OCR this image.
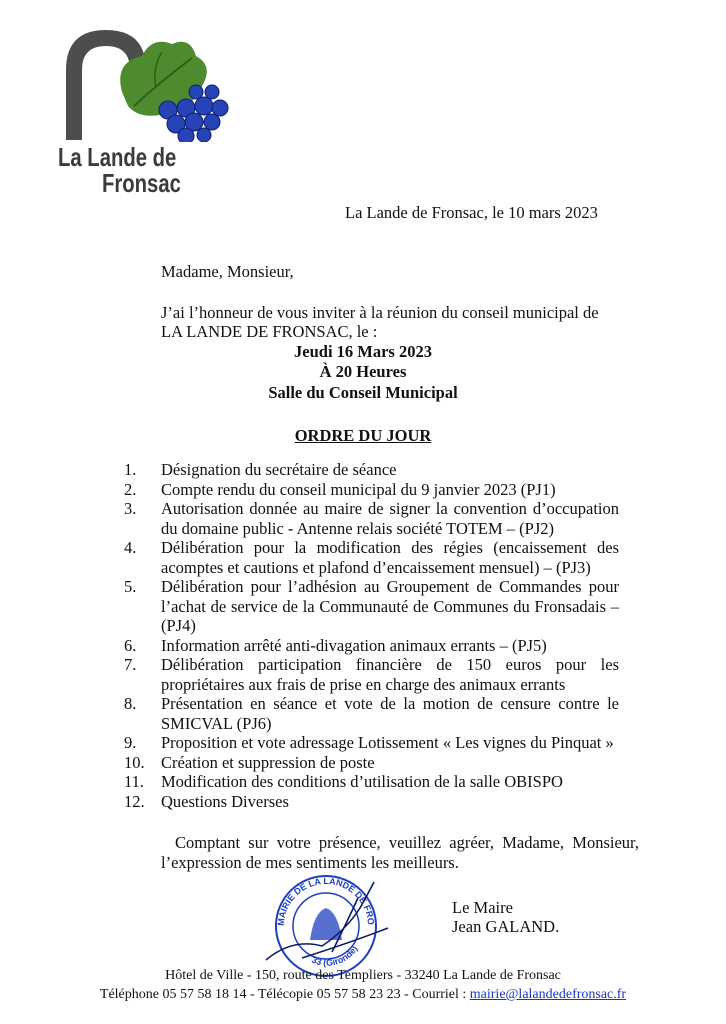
La Lande de
Fronsac
La Lande de Fronsac, le 10 mars 2023
Madame, Monsieur,
J’ai l’honneur de vous inviter à la réunion du conseil municipal de
LA LANDE DE FRONSAC, le :
Jeudi 16 Mars 2023
À 20 Heures
Salle du Conseil Municipal
ORDRE DU JOUR
1.	Désignation du secrétaire de séance
2.	Compte rendu du conseil municipal du 9 janvier 2023 (PJ1)
3.	Autorisation donnée au maire de signer la convention d’occupation du domaine public - Antenne relais société TOTEM – (PJ2)
4.	Délibération pour la modification des régies (encaissement des acomptes et cautions et plafond d’encaissement mensuel) – (PJ3)
5.	Délibération pour l’adhésion au Groupement de Commandes pour l’achat de service de la Communauté de Communes du Fronsadais – (PJ4)
6.	Information arrêté anti-divagation animaux errants – (PJ5)
7.	Délibération participation financière de 150 euros pour les propriétaires aux frais de prise en charge des animaux errants
8.	Présentation en séance et vote de la motion de censure contre le SMICVAL (PJ6)
9.	Proposition et vote adressage Lotissement « Les vignes du Pinquat »
10. Création et suppression de poste
11.	Modification des conditions d’utilisation de la salle OBISPO
12. Questions Diverses
Comptant sur votre présence, veuillez agréer, Madame, Monsieur, l’expression de mes sentiments les meilleurs.
MAIRIE DE LA LANDE DE FRO
33 (Gironde)
Le Maire
Jean GALAND.
Hôtel de Ville - 150, route des Templiers - 33240 La Lande de Fronsac
Téléphone 05 57 58 18 14 - Télécopie 05 57 58 23 23 - Courriel : mairie@lalandedefronsac.fr
